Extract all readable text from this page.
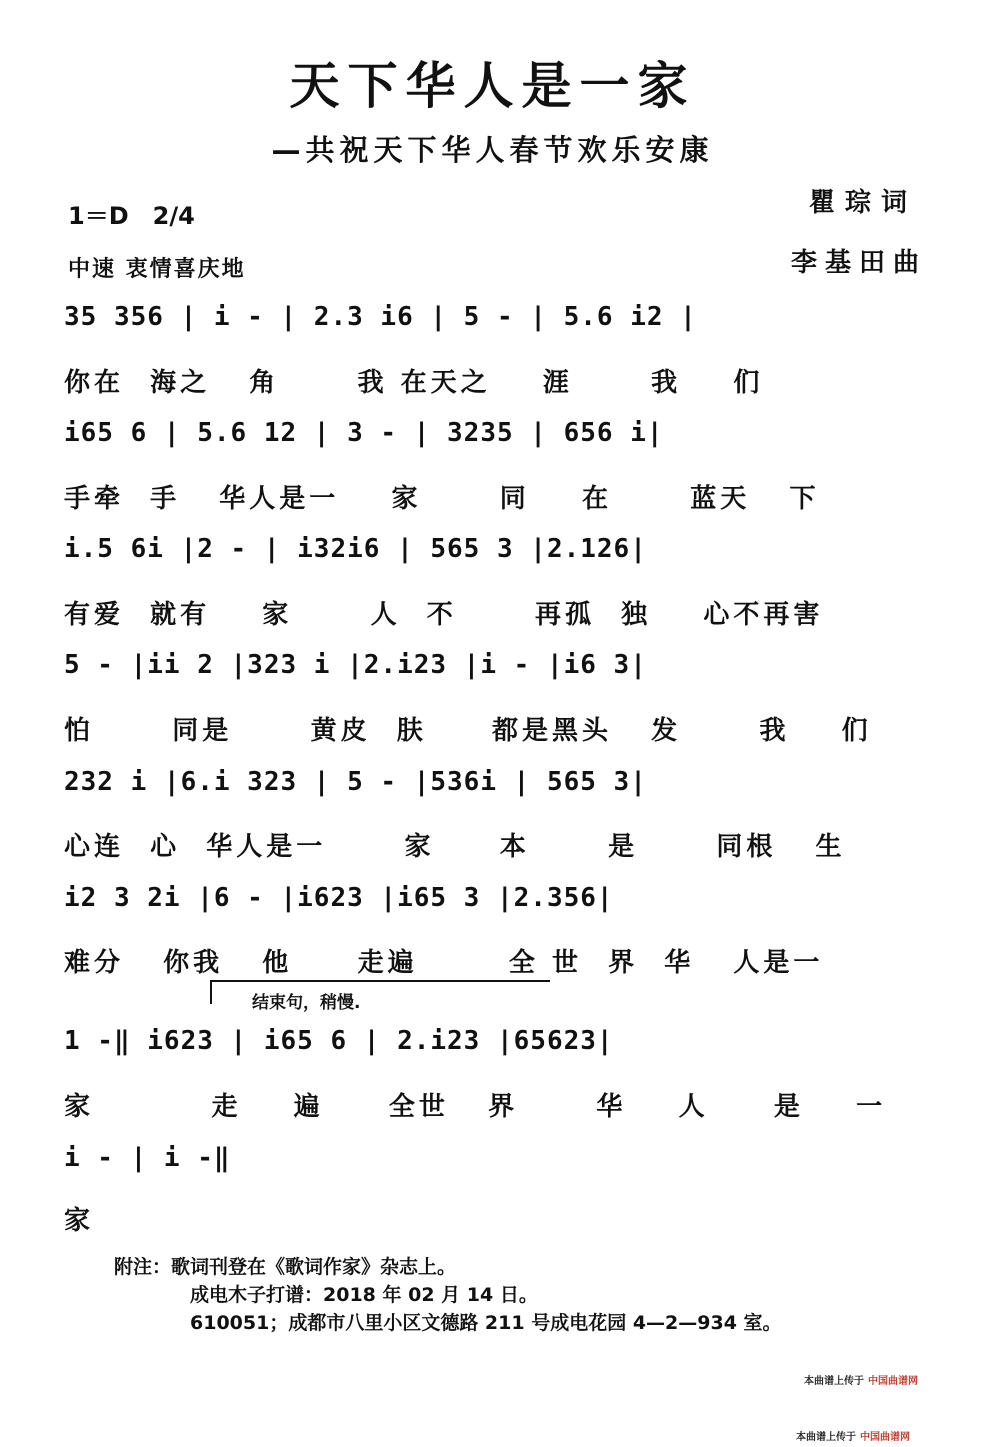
天下华人是一家
—共祝天下华人春节欢乐安康
1＝D　2/4	瞿琮词
中速 衷情喜庆地	李基田曲
35 356 | i - | 2.3 i6 | 5 - | 5.6 i2 |
你在  海之   角      我 在天之    涯      我    们
i65 6 | 5.6 12 | 3 - | 3235 | 656 i|
手牵  手   华人是一    家      同    在      蓝天   下
i.5 6i |2 - | i32i6 | 565 3 |2.126|
有爱  就有    家      人  不      再孤  独    心不再害
5 - |ii 2 |323 i |2.i23 |i - |i6 3|
怕      同是      黄皮  肤     都是黑头   发      我    们
232 i |6.i 323 | 5 - |536i | 565 3|
心连  心  华人是一      家     本      是      同根   生
i2 3 2i |6 - |i623 |i65 3 |2.356|
难分   你我   他     走遍       全 世  界  华   人是一
结束句，稍慢.
1 -‖ i623 | i65 6 | 2.i23 |65623|
家         走    遍     全世   界      华    人     是    一
i - | i -‖
家
附注：歌词刊登在《歌词作家》杂志上。
成电木子打谱：2018 年 02 月 14 日。
610051；成都市八里小区文德路 211 号成电花园 4—2—934 室。
本曲谱上传于 中国曲谱网
本曲谱上传于 中国曲谱网
